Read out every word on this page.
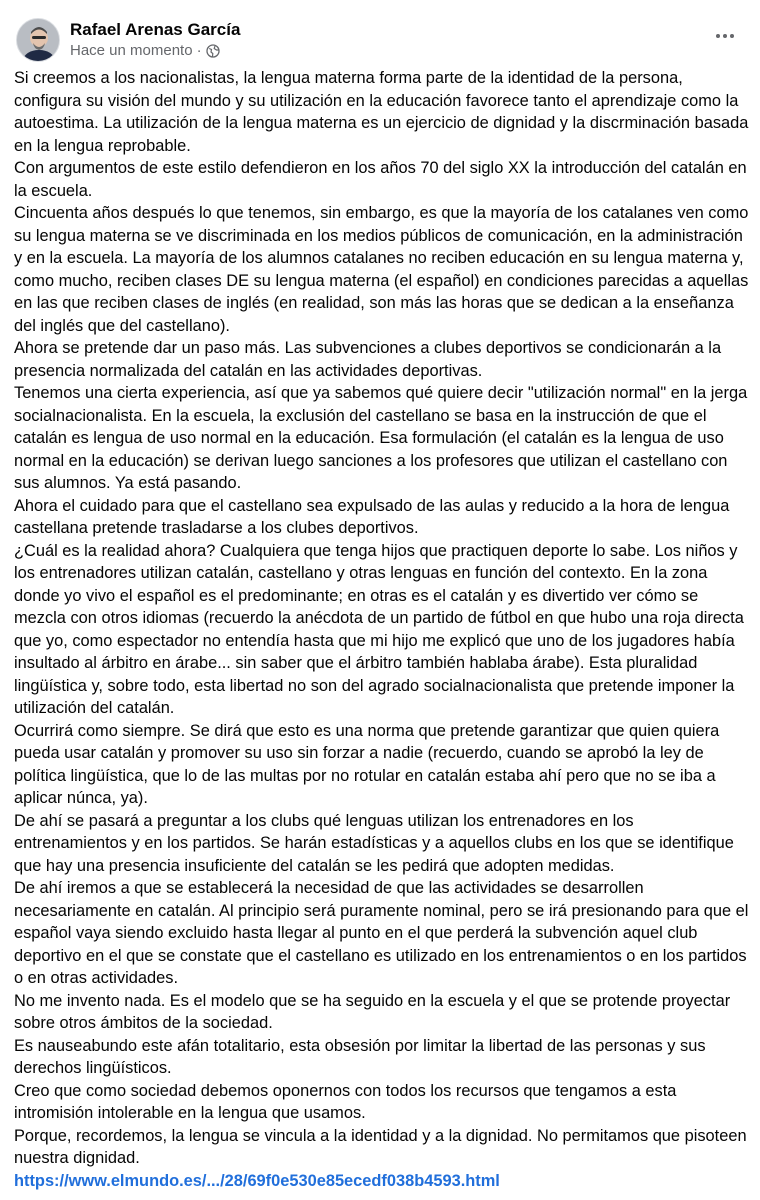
Rafael Arenas García
Hace un momento ·

Si creemos a los nacionalistas, la lengua materna forma parte de la identidad de la persona, configura su visión del mundo y su utilización en la educación favorece tanto el aprendizaje como la autoestima. La utilización de la lengua materna es un ejercicio de dignidad y la discrminación basada en la lengua reprobable.

Con argumentos de este estilo defendieron en los años 70 del siglo XX la introducción del catalán en la escuela.

Cincuenta años después lo que tenemos, sin embargo, es que la mayoría de los catalanes ven como su lengua materna se ve discriminada en los medios públicos de comunicación, en la administración y en la escuela. La mayoría de los alumnos catalanes no reciben educación en su lengua materna y, como mucho, reciben clases DE su lengua materna (el español) en condiciones parecidas a aquellas en las que reciben clases de inglés (en realidad, son más las horas que se dedican a la enseñanza del inglés que del castellano).

Ahora se pretende dar un paso más. Las subvenciones a clubes deportivos se condicionarán a la presencia normalizada del catalán en las actividades deportivas.

Tenemos una cierta experiencia, así que ya sabemos qué quiere decir "utilización normal" en la jerga socialnacionalista. En la escuela, la exclusión del castellano se basa en la instrucción de que el catalán es lengua de uso normal en la educación. Esa formulación (el catalán es la lengua de uso normal en la educación) se derivan luego sanciones a los profesores que utilizan el castellano con sus alumnos. Ya está pasando.

Ahora el cuidado para que el castellano sea expulsado de las aulas y reducido a la hora de lengua castellana pretende trasladarse a los clubes deportivos.

¿Cuál es la realidad ahora? Cualquiera que tenga hijos que practiquen deporte lo sabe. Los niños y los entrenadores utilizan catalán, castellano y otras lenguas en función del contexto. En la zona donde yo vivo el español es el predominante; en otras es el catalán y es divertido ver cómo se mezcla con otros idiomas (recuerdo la anécdota de un partido de fútbol en que hubo una roja directa que yo, como espectador no entendía hasta que mi hijo me explicó que uno de los jugadores había insultado al árbitro en árabe... sin saber que el árbitro también hablaba árabe). Esta pluralidad lingüística y, sobre todo, esta libertad no son del agrado socialnacionalista que pretende imponer la utilización del catalán.

Ocurrirá como siempre. Se dirá que esto es una norma que pretende garantizar que quien quiera pueda usar catalán y promover su uso sin forzar a nadie (recuerdo, cuando se aprobó la ley de política lingüística, que lo de las multas por no rotular en catalán estaba ahí pero que no se iba a aplicar núnca, ya).

De ahí se pasará a preguntar a los clubs qué lenguas utilizan los entrenadores en los entrenamientos y en los partidos. Se harán estadísticas y a aquellos clubs en los que se identifique que hay una presencia insuficiente del catalán se les pedirá que adopten medidas.

De ahí iremos a que se establecerá la necesidad de que las actividades se desarrollen necesariamente en catalán. Al principio será puramente nominal, pero se irá presionando para que el español vaya siendo excluido hasta llegar al punto en el que perderá la subvención aquel club deportivo en el que se constate que el castellano es utilizado en los entrenamientos o en los partidos o en otras actividades.

No me invento nada. Es el modelo que se ha seguido en la escuela y el que se protende proyectar sobre otros ámbitos de la sociedad.

Es nauseabundo este afán totalitario, esta obsesión por limitar la libertad de las personas y sus derechos lingüísticos.

Creo que como sociedad debemos oponernos con todos los recursos que tengamos a esta intromisión intolerable en la lengua que usamos.

Porque, recordemos, la lengua se vincula a la identidad y a la dignidad. No permitamos que pisoteen nuestra dignidad.

https://www.elmundo.es/.../28/69f0e530e85ecedf038b4593.html
